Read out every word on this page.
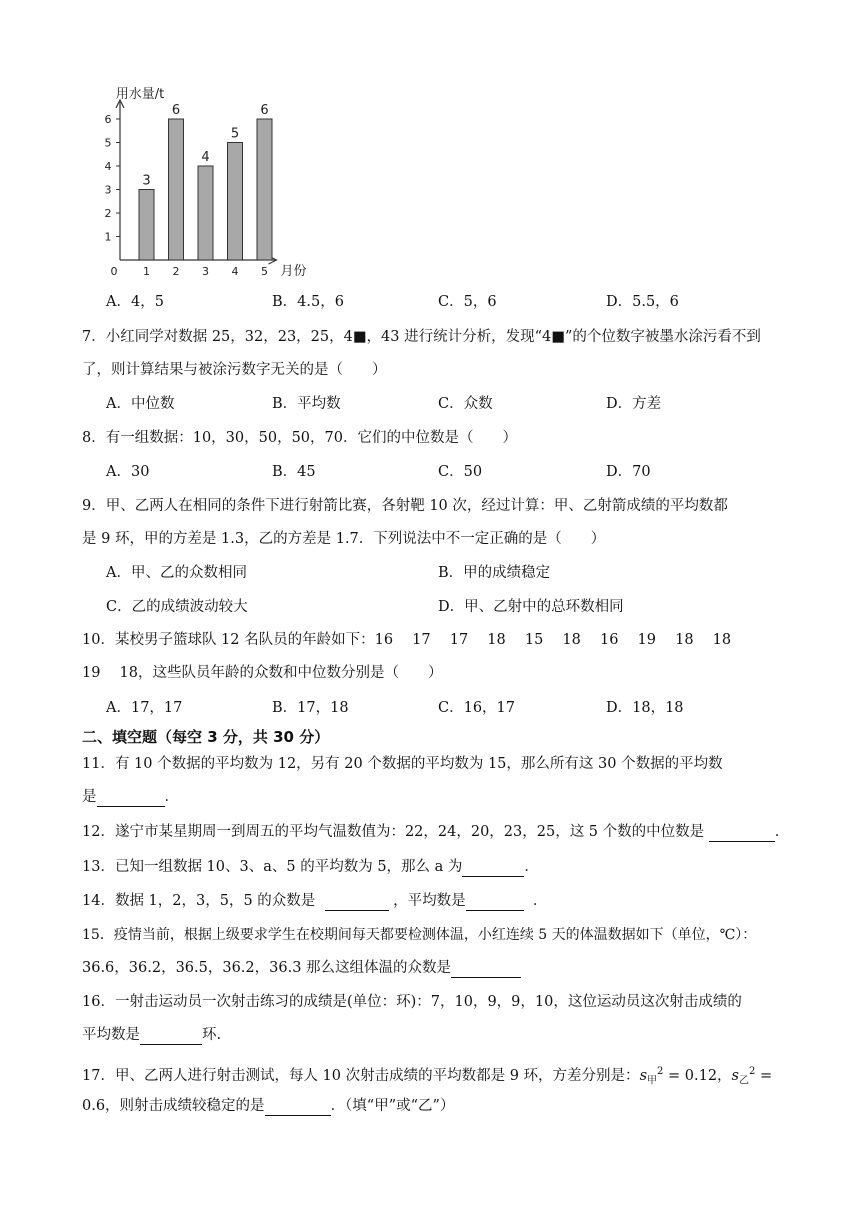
1
2
3
4
5
6
0
3
1
6
2
4
3
5
4
6
5
用水量/t
月份
A．4，5	B．4.5，6	C．5，6	D．5.5，6
7．小红同学对数据 25，32，23，25，4■，43 进行统计分析，发现“4■”的个位数字被墨水涂污看不到
了，则计算结果与被涂污数字无关的是（　　）
A．中位数	B．平均数	C．众数	D．方差
8．有一组数据：10，30，50，50，70．它们的中位数是（　　）
A．30	B．45	C．50	D．70
9．甲、乙两人在相同的条件下进行射箭比赛，各射靶 10 次，经过计算：甲、乙射箭成绩的平均数都
是 9 环，甲的方差是 1.3，乙的方差是 1.7．下列说法中不一定正确的是（　　）
A．甲、乙的众数相同	B．甲的成绩稳定
C．乙的成绩波动较大	D．甲、乙射中的总环数相同
10．某校男子篮球队 12 名队员的年龄如下：16　 17　 17　 18　 15　 18　 16　 19　 18　 18
19　 18，这些队员年龄的众数和中位数分别是（　　）
A．17，17	B．17，18	C．16，17	D．18，18
二、填空题（每空 3 分，共 30 分）
11．有 10 个数据的平均数为 12，另有 20 个数据的平均数为 15，那么所有这 30 个数据的平均数
是	．
12．遂宁市某星期周一到周五的平均气温数值为：22，24，20，23，25，这 5 个数的中位数是	．
13．已知一组数据 10、3、a、5 的平均数为 5，那么 a 为	．
14．数据 1，2，3，5，5 的众数是	，平均数是	．
15．疫情当前，根据上级要求学生在校期间每天都要检测体温，小红连续 5 天的体温数据如下（单位，℃）：
36.6，36.2，36.5，36.2，36.3 那么这组体温的众数是
16．一射击运动员一次射击练习的成绩是(单位：环)：7，10，9，9，10，这位运动员这次射击成绩的
平均数是	环.
17．甲、乙两人进行射击测试，每人 10 次射击成绩的平均数都是 9 环，方差分别是：$s_甲^2 = 0.12$，$s_乙^2$ =
0.6，则射击成绩较稳定的是	．（填“甲”或“乙”）
